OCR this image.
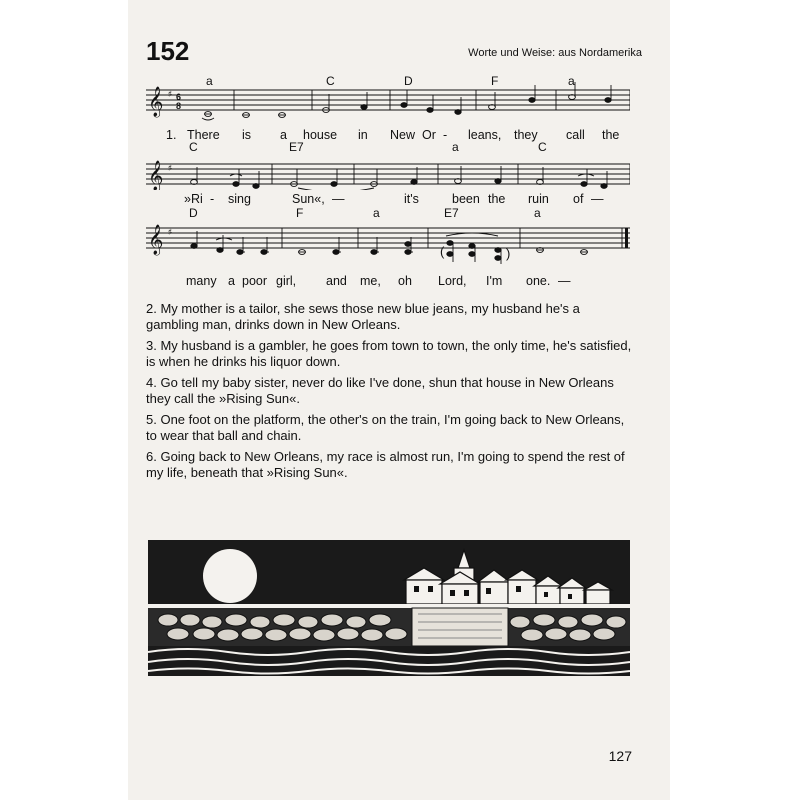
152	Worte und Weise: aus Nordamerika
a	C	D	F	a
𝄞 ♯ 6
8
1. There is a house in New Or - leans, they call the
C	E7	a	C
𝄞 ♯
»Ri - sing	Sun«, —	it's	been the ruin of —
D	F	a	E7	a
𝄞 ♯
(	)
many a poor girl, and me, oh Lord, I'm one. —

2. My mother is a tailor, she sews those new blue jeans, my husband he's a gambling man, drinks down in New Orleans.

3. My husband is a gambler, he goes from town to town, the only time, he's satisfied, is when he drinks his liquor down.

4. Go tell my baby sister, never do like I've done, shun that house in New Orleans they call the »Rising Sun«.

5. One foot on the platform, the other's on the train, I'm going back to New Orleans, to wear that ball and chain.

6. Going back to New Orleans, my race is almost run, I'm going to spend the rest of my life, beneath that »Rising Sun«.

127
